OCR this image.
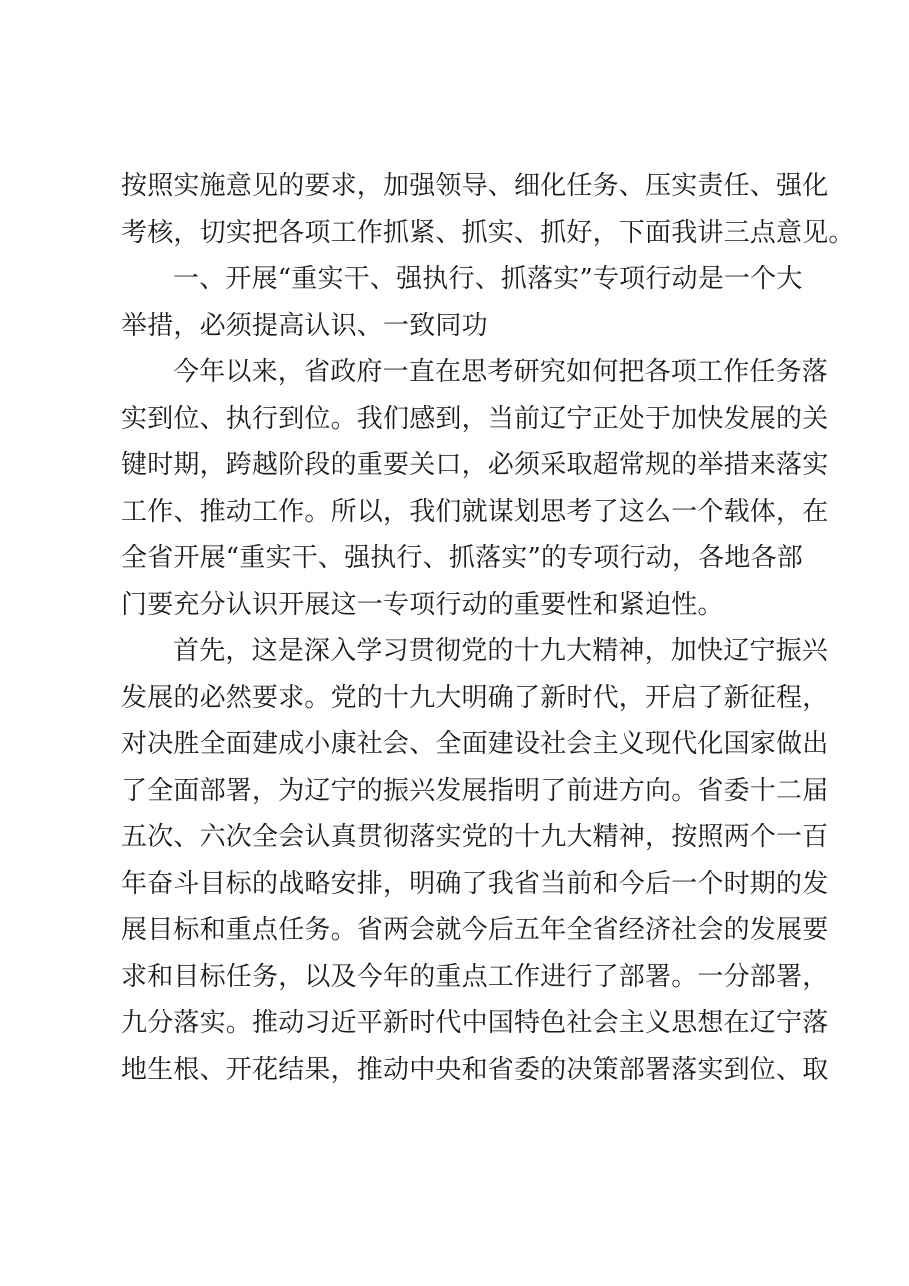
按照实施意见的要求，加强领导、细化任务、压实责任、强化
考核，切实把各项工作抓紧、抓实、抓好，下面我讲三点意见。
一、开展“重实干、强执行、抓落实”专项行动是一个大
举措，必须提高认识、一致同功
今年以来，省政府一直在思考研究如何把各项工作任务落
实到位、执行到位。我们感到，当前辽宁正处于加快发展的关
键时期，跨越阶段的重要关口，必须采取超常规的举措来落实
工作、推动工作。所以，我们就谋划思考了这么一个载体，在
全省开展“重实干、强执行、抓落实”的专项行动，各地各部
门要充分认识开展这一专项行动的重要性和紧迫性。
首先，这是深入学习贯彻党的十九大精神，加快辽宁振兴
发展的必然要求。党的十九大明确了新时代，开启了新征程，
对决胜全面建成小康社会、全面建设社会主义现代化国家做出
了全面部署，为辽宁的振兴发展指明了前进方向。省委十二届
五次、六次全会认真贯彻落实党的十九大精神，按照两个一百
年奋斗目标的战略安排，明确了我省当前和今后一个时期的发
展目标和重点任务。省两会就今后五年全省经济社会的发展要
求和目标任务，以及今年的重点工作进行了部署。一分部署，
九分落实。推动习近平新时代中国特色社会主义思想在辽宁落
地生根、开花结果，推动中央和省委的决策部署落实到位、取
